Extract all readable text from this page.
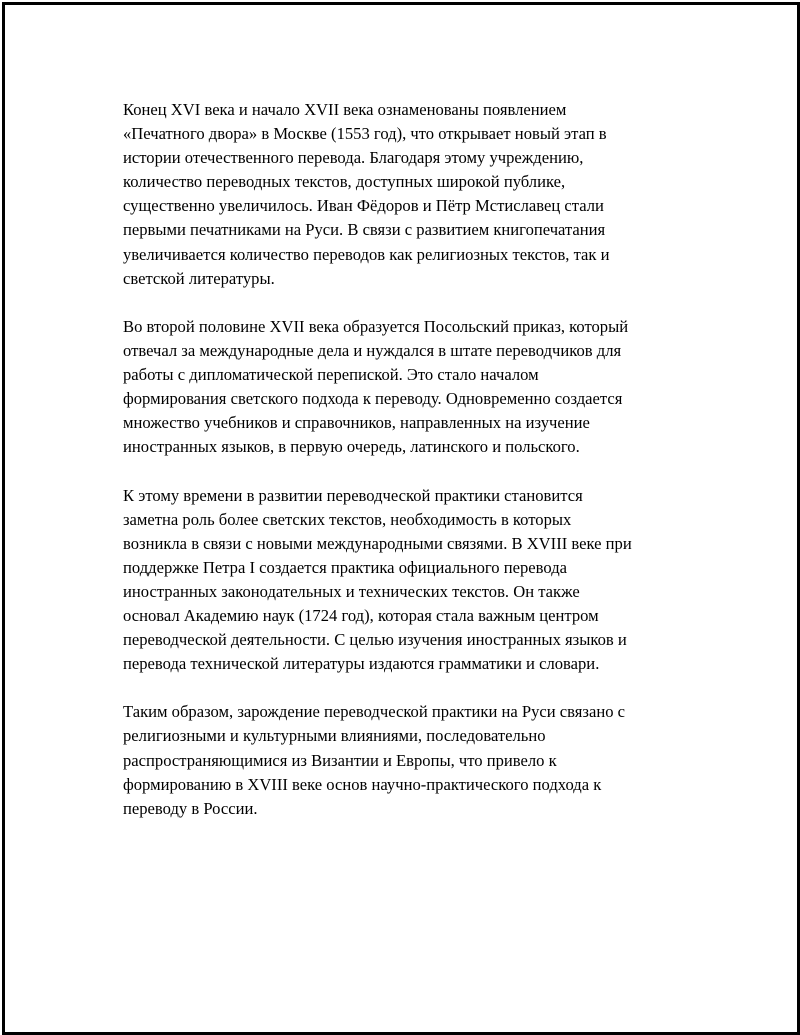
Конец XVI века и начало XVII века ознаменованы появлением
«Печатного двора» в Москве (1553 год), что открывает новый этап в
истории отечественного перевода. Благодаря этому учреждению,
количество переводных текстов, доступных широкой публике,
существенно увеличилось. Иван Фёдоров и Пётр Мстиславец стали
первыми печатниками на Руси. В связи с развитием книгопечатания
увеличивается количество переводов как религиозных текстов, так и
светской литературы.

Во второй половине XVII века образуется Посольский приказ, который
отвечал за международные дела и нуждался в штате переводчиков для
работы с дипломатической перепиской. Это стало началом
формирования светского подхода к переводу. Одновременно создается
множество учебников и справочников, направленных на изучение
иностранных языков, в первую очередь, латинского и польского.

К этому времени в развитии переводческой практики становится
заметна роль более светских текстов, необходимость в которых
возникла в связи с новыми международными связями. В XVIII веке при
поддержке Петра I создается практика официального перевода
иностранных законодательных и технических текстов. Он также
основал Академию наук (1724 год), которая стала важным центром
переводческой деятельности. С целью изучения иностранных языков и
перевода технической литературы издаются грамматики и словари.

Таким образом, зарождение переводческой практики на Руси связано с
религиозными и культурными влияниями, последовательно
распространяющимися из Византии и Европы, что привело к
формированию в XVIII веке основ научно-практического подхода к
переводу в России.
